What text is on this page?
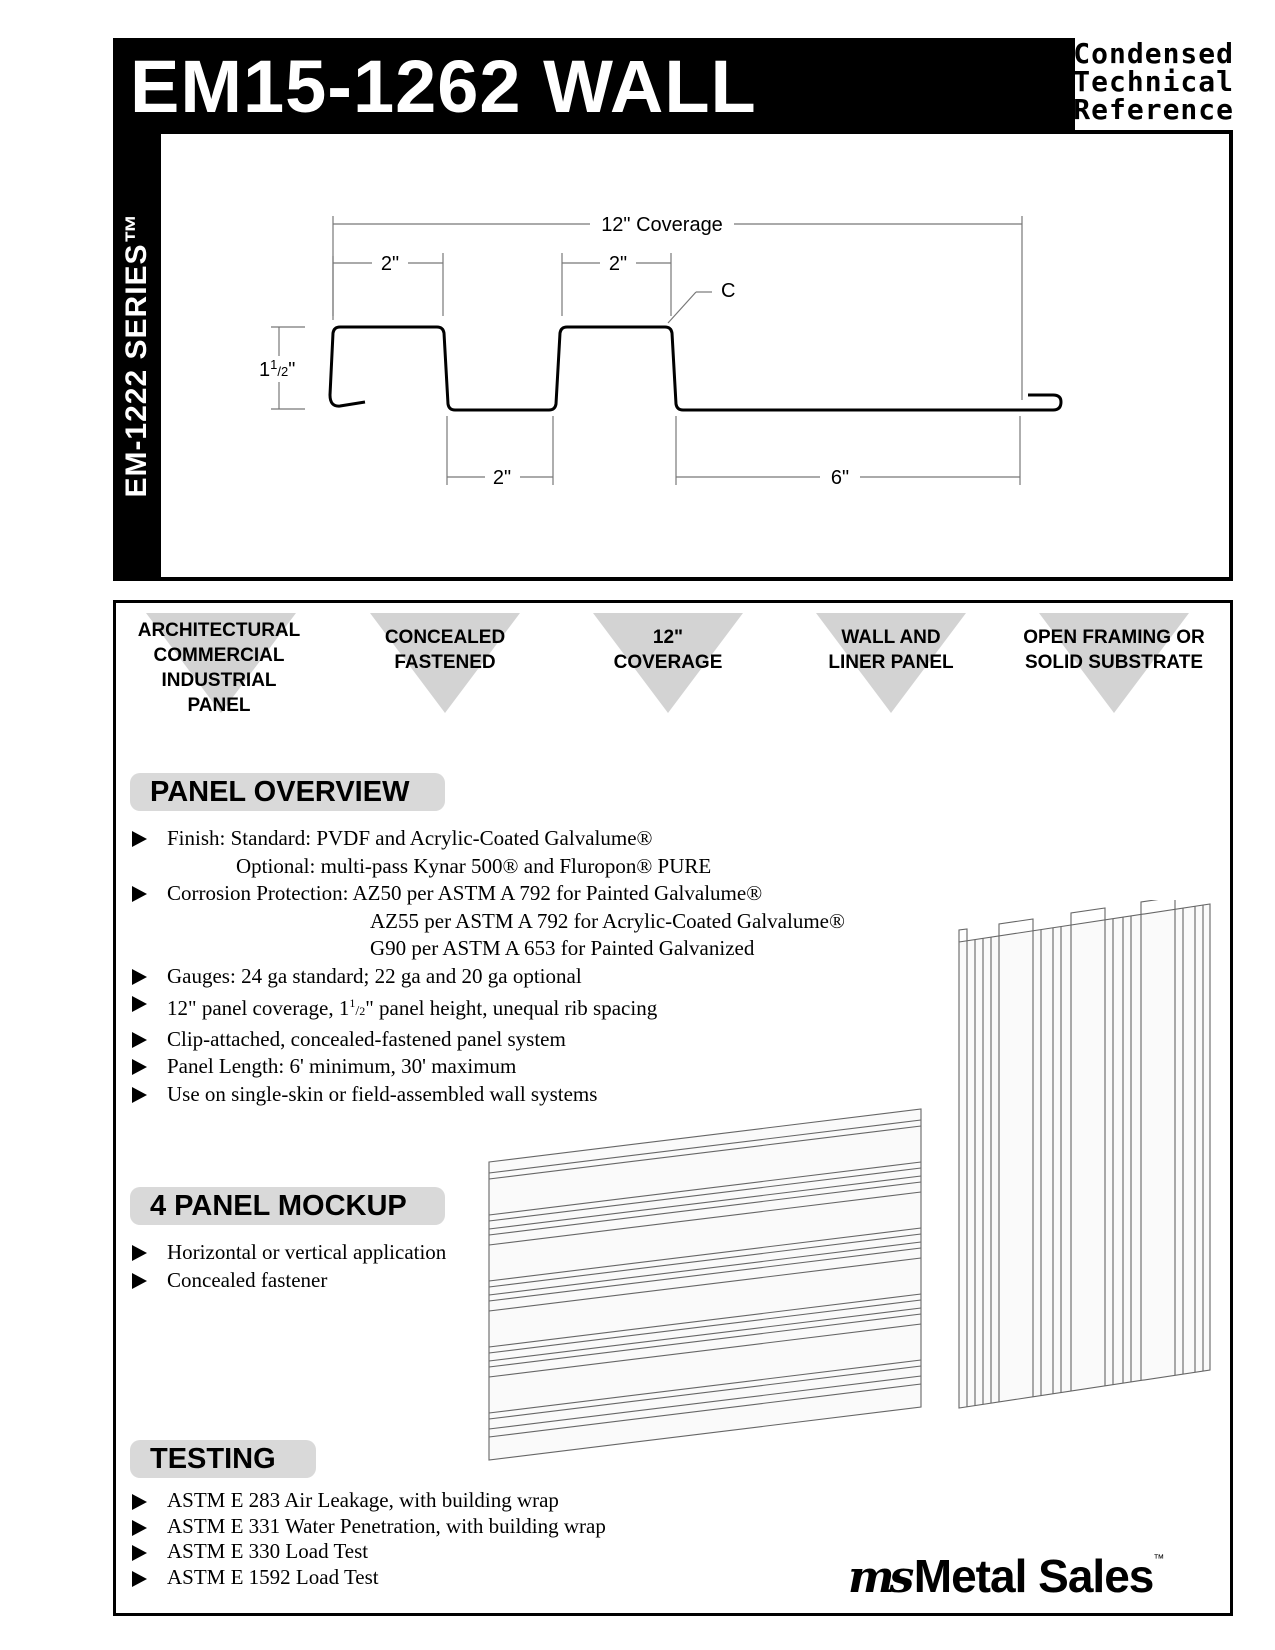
EM15-1262 WALL	Condensed
Technical
Reference
EM-1222 SERIES™	12" Coverage
2"	2"
2"	6"
C
$1^1_/2$"
ARCHITECTURAL
COMMERCIAL
INDUSTRIAL
PANEL
CONCEALED
FASTENED
12"
COVERAGE
WALL AND
LINER PANEL
OPEN FRAMING OR
SOLID SUBSTRATE
PANEL OVERVIEW
Finish: Standard: PVDF and Acrylic-Coated Galvalume®
Optional: multi-pass Kynar 500® and Fluropon® PURE
Corrosion Protection: AZ50 per ASTM A 792 for Painted Galvalume®
AZ55 per ASTM A 792 for Acrylic-Coated Galvalume®
G90 per ASTM A 653 for Painted Galvanized
Gauges: 24 ga standard; 22 ga and 20 ga optional
12" panel coverage, $1^1/2$" panel height, unequal rib spacing
Clip-attached, concealed-fastened panel system
Panel Length: 6' minimum, 30' maximum
Use on single-skin or field-assembled wall systems
4 PANEL MOCKUP
Horizontal or vertical application
Concealed fastener
TESTING
ASTM E 283 Air Leakage, with building wrap
ASTM E 331 Water Penetration, with building wrap
ASTM E 330 Load Test
ASTM E 1592 Load Test	ms Metal Sales™
